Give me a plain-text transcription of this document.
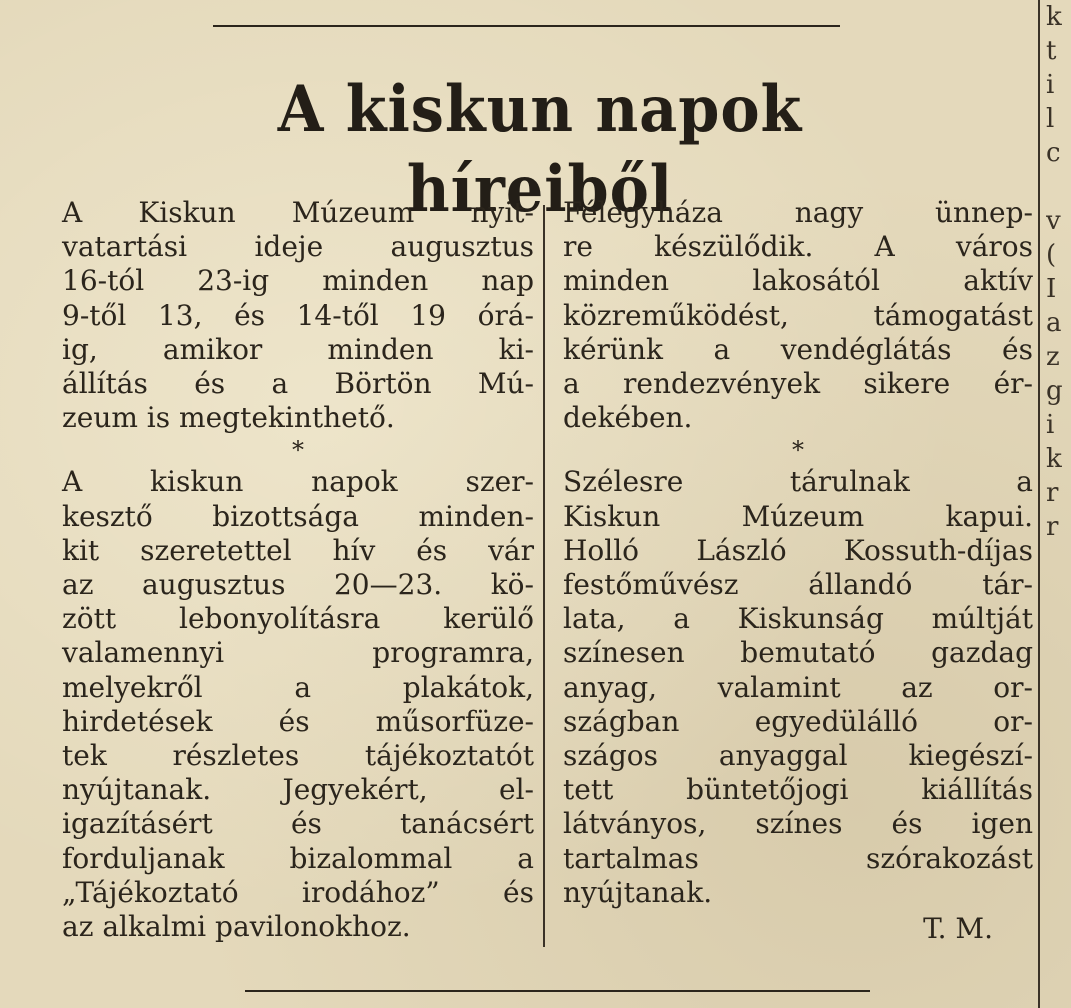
A kiskun napok híreiből

A Kiskun Múzeum nyit-
vatartási ideje augusztus
16-tól 23-ig minden nap
9-től 13, és 14-től 19 órá-
ig, amikor minden ki-
állítás és a Börtön Mú-
zeum is megtekinthető.

*

A kiskun napok szer-
kesztő bizottsága minden-
kit szeretettel hív és vár
az augusztus 20—23. kö-
zött lebonyolításra kerülő
valamennyi programra,
melyekről a plakátok,
hirdetések és műsorfüze-
tek részletes tájékoztatót
nyújtanak. Jegyekért, el-
igazításért és tanácsért
forduljanak bizalommal a
„Tájékoztató irodához” és
az alkalmi pavilonokhoz.

Félegyháza nagy ünnep-
re készülődik. A város
minden lakosától aktív
közreműködést, támogatást
kérünk a vendéglátás és
a rendezvények sikere ér-
dekében.

*

Szélesre tárulnak a
Kiskun Múzeum kapui.
Holló László Kossuth-díjas
festőművész állandó tár-
lata, a Kiskunság múltját
színesen bemutató gazdag
anyag, valamint az or-
szágban egyedülálló or-
szágos anyaggal kiegészí-
tett büntetőjogi kiállítás
látványos, színes és igen
tartalmas szórakozást
nyújtanak.

T. M.
k
t
i
l
c
v
(
I
a
z
g
i
k
r
r
